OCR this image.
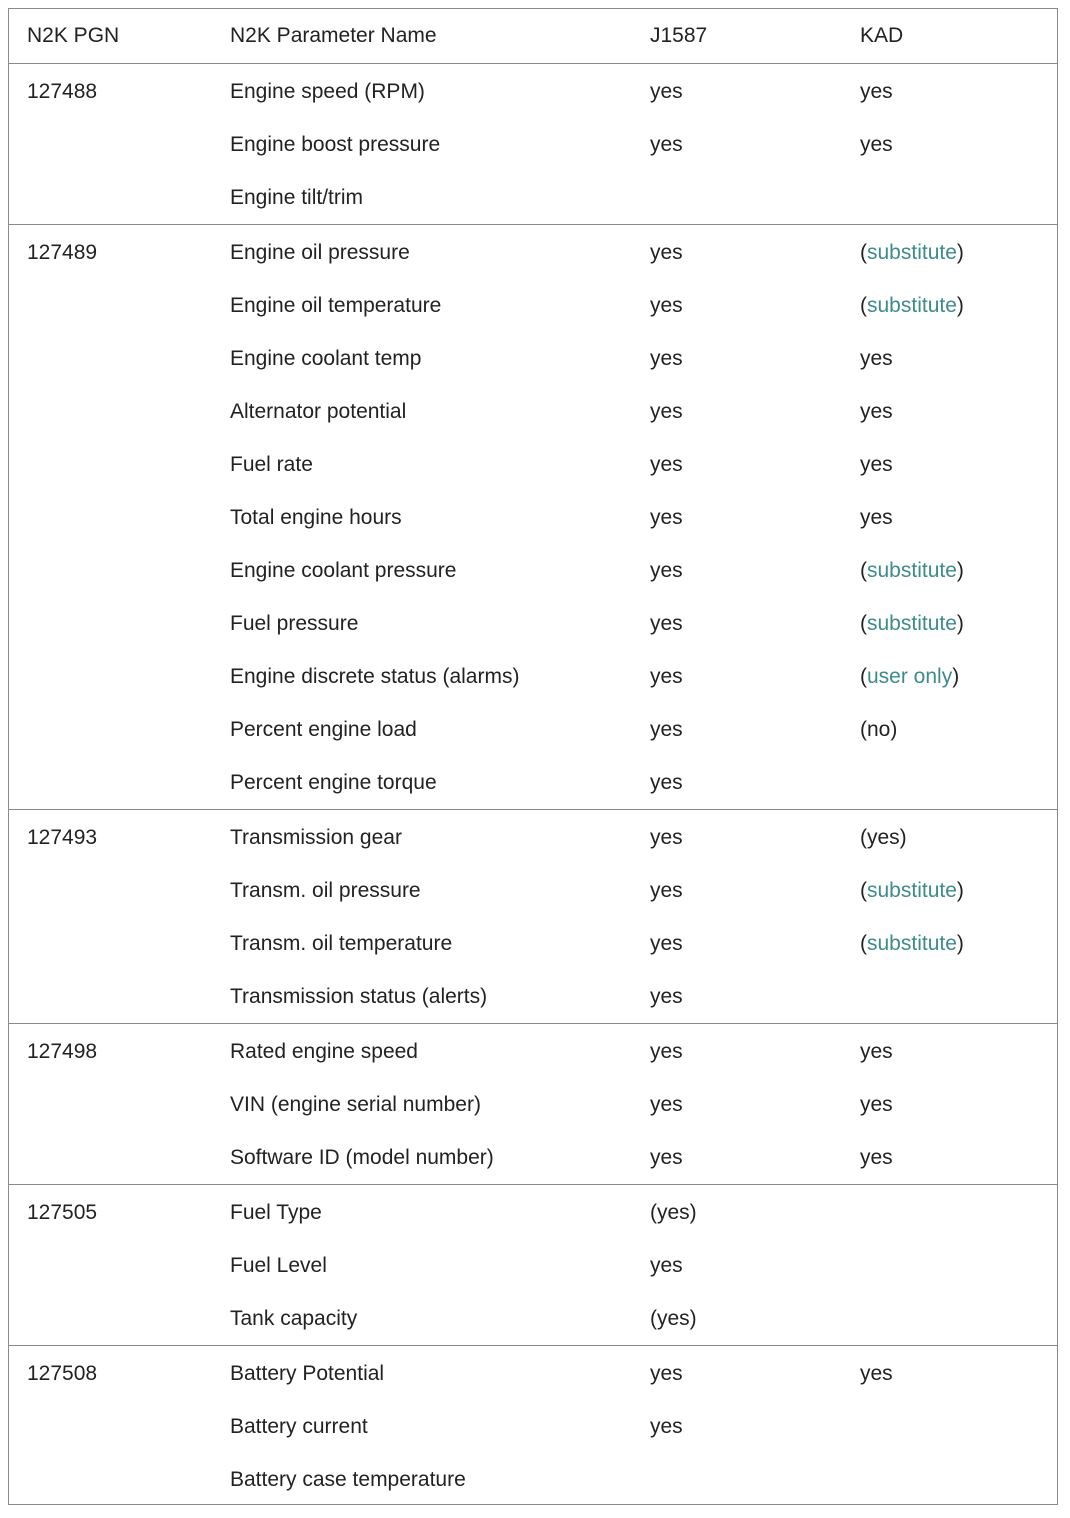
N2K PGN	N2K Parameter Name	J1587	KAD
127488	Engine speed (RPM)	yes	yes
Engine boost pressure	yes	yes
Engine tilt/trim
127489	Engine oil pressure	yes	(substitute)
Engine oil temperature	yes	(substitute)
Engine coolant temp	yes	yes
Alternator potential	yes	yes
Fuel rate	yes	yes
Total engine hours	yes	yes
Engine coolant pressure	yes	(substitute)
Fuel pressure	yes	(substitute)
Engine discrete status (alarms)	yes	(user only)
Percent engine load	yes	(no)
Percent engine torque	yes
127493	Transmission gear	yes	(yes)
Transm. oil pressure	yes	(substitute)
Transm. oil temperature	yes	(substitute)
Transmission status (alerts)	yes
127498	Rated engine speed	yes	yes
VIN (engine serial number)	yes	yes
Software ID (model number)	yes	yes
127505	Fuel Type	(yes)
Fuel Level	yes
Tank capacity	(yes)
127508	Battery Potential	yes	yes
Battery current	yes
Battery case temperature
